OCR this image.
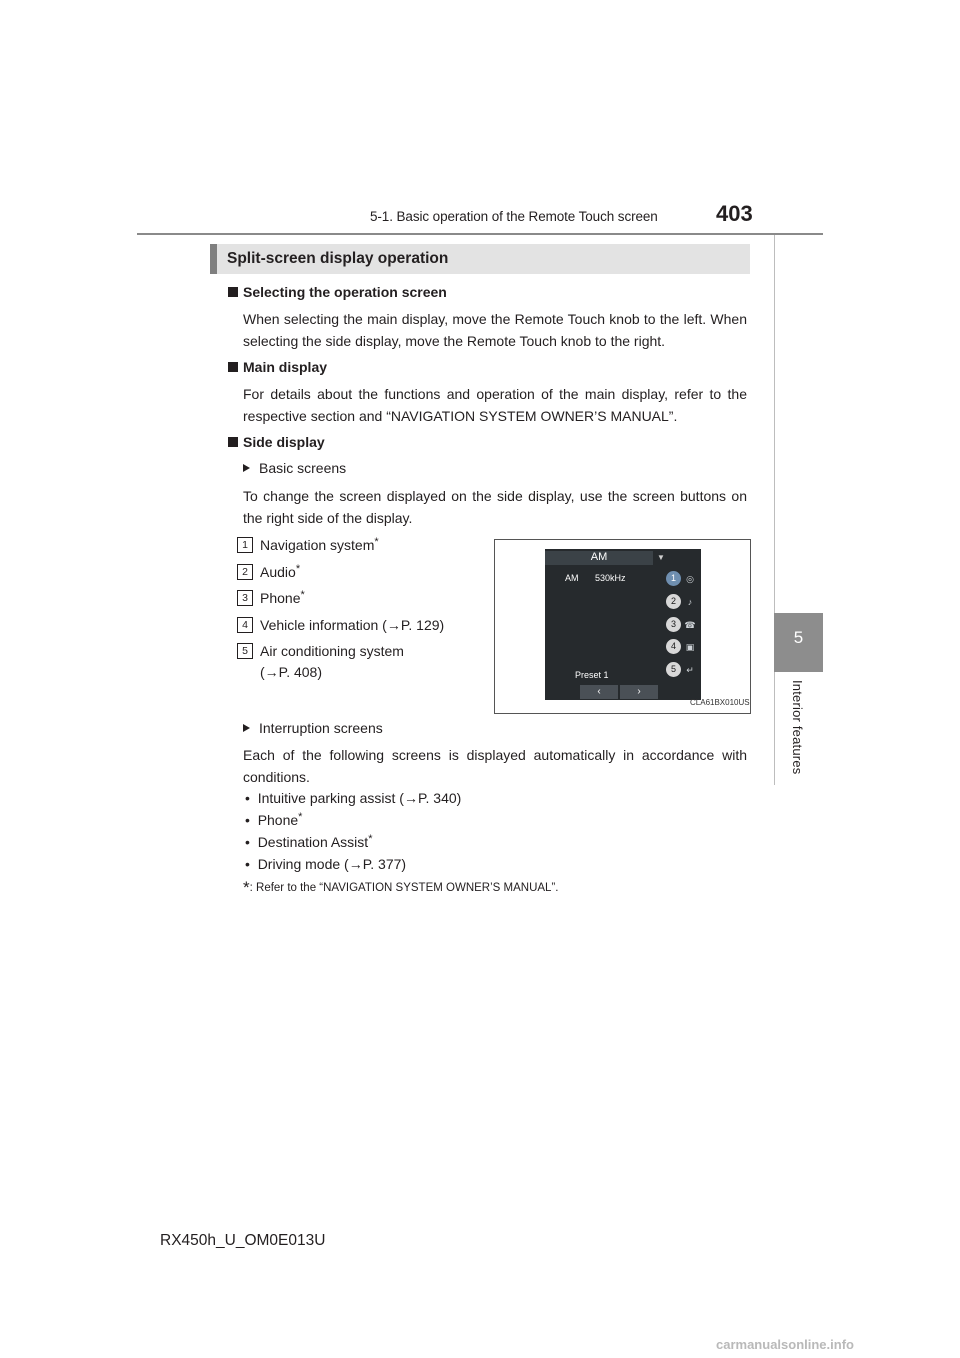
5-1. Basic operation of the Remote Touch screen	403
5
Interior features
Split-screen display operation
Selecting the operation screen
When selecting the main display, move the Remote Touch knob to the left. When selecting the side display, move the Remote Touch knob to the right.
Main display
For details about the functions and operation of the main display, refer to the respective section and “NAVIGATION SYSTEM OWNER’S MANUAL”.
Side display
Basic screens
To change the screen displayed on the side display, use the screen buttons on the right side of the display.
1 Navigation system*
2 Audio*
3 Phone*
4 Vehicle information (→P. 129)
5 Air conditioning system
(→P. 408)
AM	▼
AM 530kHz	1	◎
2	♪
3 ☎
4	▣
5	↵
Preset 1
‹	›
CLA61BX010US
Interruption screens
Each of the following screens is displayed automatically in accordance with conditions.
•  Intuitive parking assist (→P. 340)
•  Phone*
•  Destination Assist*
•  Driving mode (→P. 377)
*: Refer to the “NAVIGATION SYSTEM OWNER’S MANUAL”.
RX450h_U_OM0E013U
carmanualsonline.info
